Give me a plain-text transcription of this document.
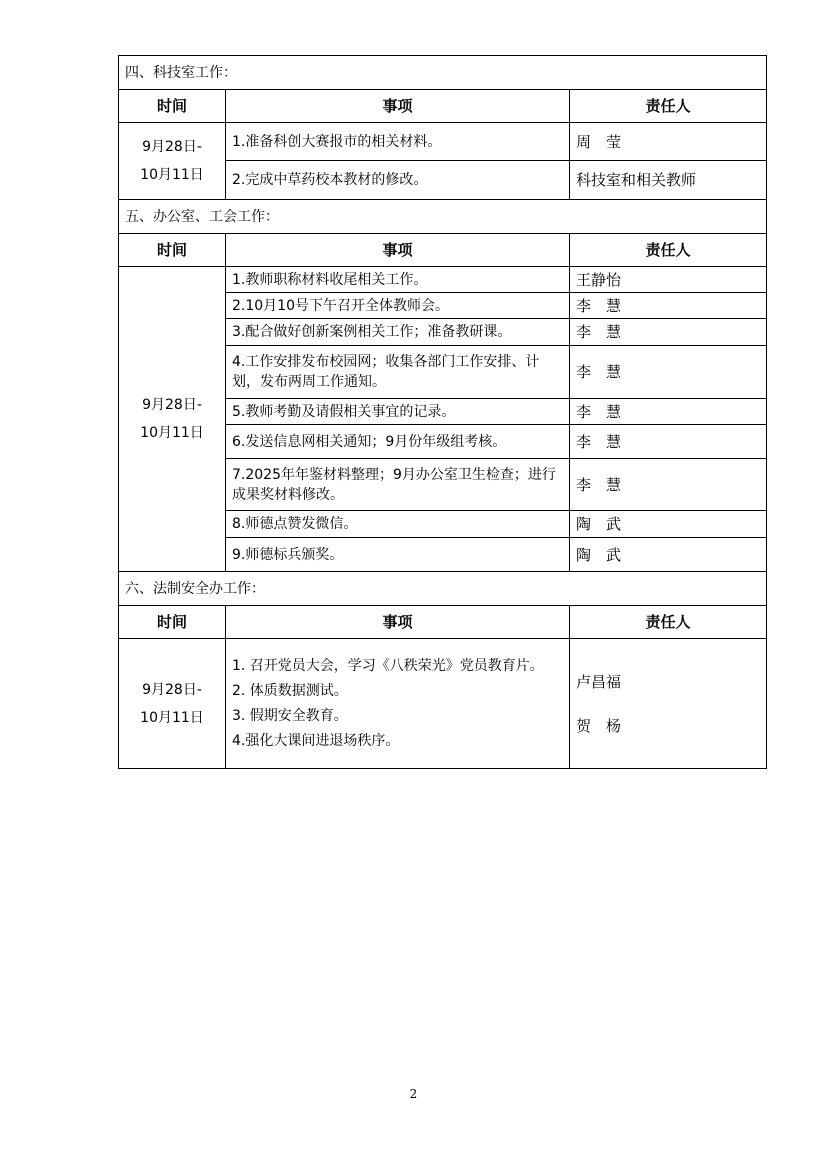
四、科技室工作：		
时间	事项	责任人

9月28日-
10月11日	1.准备科创大赛报市的相关材料。	周　莹
	2.完成中草药校本教材的修改。	科技室和相关教师
五、办公室、工会工作：		
时间	事项	责任人

9月28日-
10月11日	1.教师职称材料收尾相关工作。	王静怡
	2.10月10号下午召开全体教师会。	李　慧
	3.配合做好创新案例相关工作；准备教研课。	李　慧
	4.工作安排发布校园网；收集各部门工作安排、计划，发布两周工作通知。	李　慧
	5.教师考勤及请假相关事宜的记录。	李　慧
	6.发送信息网相关通知；9月份年级组考核。	李　慧
	7.2025年年鉴材料整理；9月办公室卫生检查；进行成果奖材料修改。	李　慧
	8.师德点赞发微信。	陶　武
	9.师德标兵颁奖。	陶　武
六、法制安全办工作：		
时间	事项	责任人

9月28日-
10月11日	1. 召开党员大会，学习《八秩荣光》党员教育片。
2. 体质数据测试。
3. 假期安全教育。
4.强化大课间进退场秩序。	卢昌福
贺　杨
2
